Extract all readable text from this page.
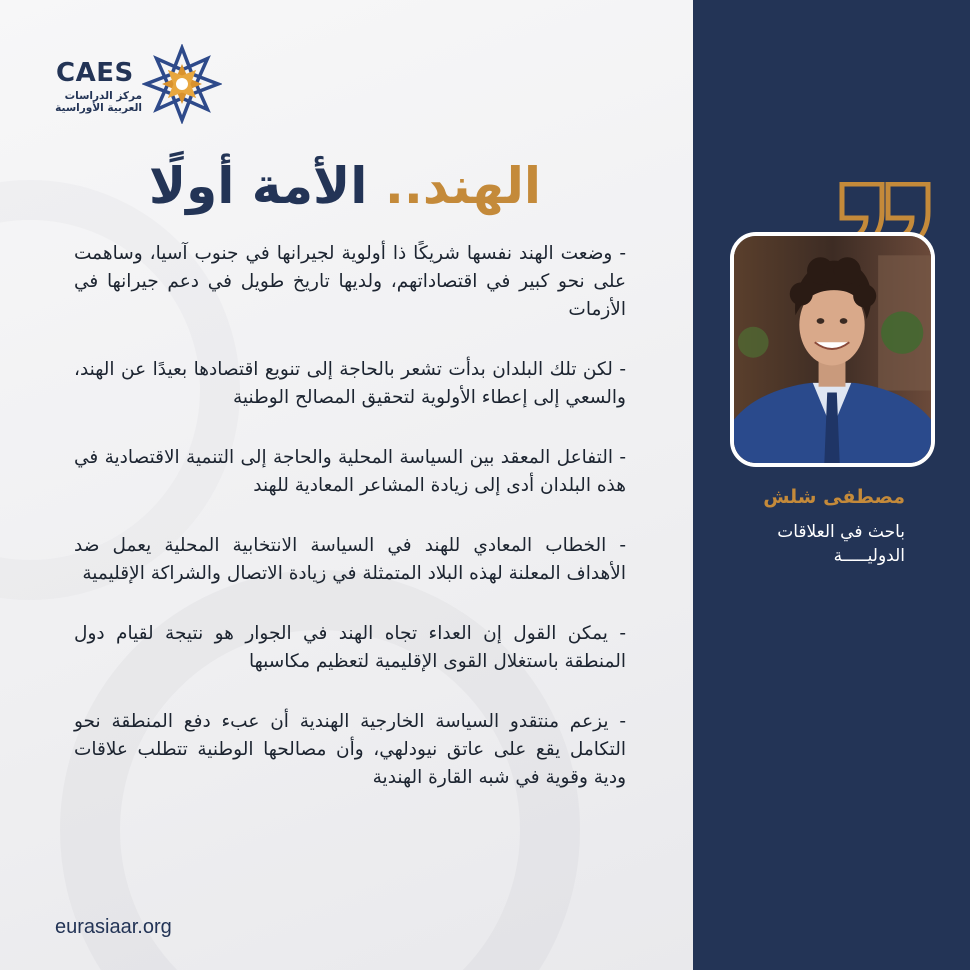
CAES
مركز الدراسات
العربية الأوراسية
الهند.. الأمة أولًا

- وضعت الهند نفسها شريكًا ذا أولوية لجيرانها في جنوب آسيا، وساهمت على نحو كبير في اقتصاداتهم، ولديها تاريخ طويل في دعم جيرانها في الأزمات

- لكن تلك البلدان بدأت تشعر بالحاجة إلى تنويع اقتصادها بعيدًا عن الهند، والسعي إلى إعطاء الأولوية لتحقيق المصالح الوطنية

- التفاعل المعقد بين السياسة المحلية والحاجة إلى التنمية الاقتصادية في هذه البلدان أدى إلى زيادة المشاعر المعادية للهند

- الخطاب المعادي للهند في السياسة الانتخابية المحلية يعمل ضد الأهداف المعلنة لهذه البلاد المتمثلة في زيادة الاتصال والشراكة الإقليمية

- يمكن القول إن العداء تجاه الهند في الجوار هو نتيجة لقيام دول المنطقة باستغلال القوى الإقليمية لتعظيم مكاسبها

- يزعم منتقدو السياسة الخارجية الهندية أن عبء دفع المنطقة نحو التكامل يقع على عاتق نيودلهي، وأن مصالحها الوطنية تتطلب علاقات ودية وقوية في شبه القارة الهندية

eurasiaar.org
مصطفى شلش
باحث في العلاقات
الدوليـــــة
